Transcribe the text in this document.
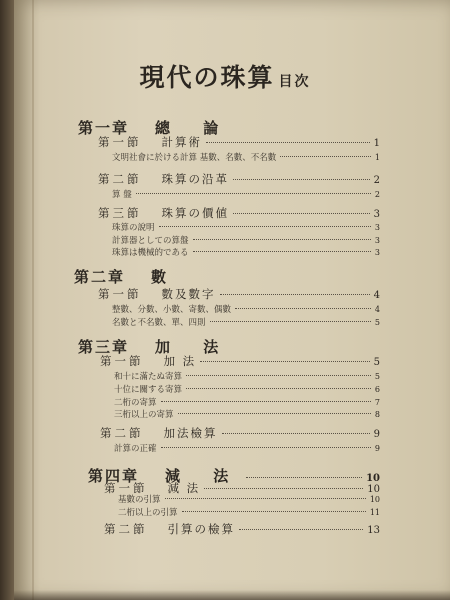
現代の珠算 目次
第一章 總 論
第一節 計算術	1
文明社會に於ける計算 基數、名數、不名數	1
第二節 珠算の沿革	2
算 盤	2
第三節 珠算の價値	3
珠算の說明	3
計算器としての算盤	3
珠算は機械的である	3
第二章 數
第一節 數及數字	4
整數、分數、小數、寄數、偶數	4
名數と不名數、單、四則	5
第三章 加 法
第一節 加 法	5
和十に滿たぬ寄算	5
十位に關する寄算	6
二桁の寄算	7
三桁以上の寄算	8
第二節 加法檢算	9
計算の正確	9
第四章 減 法	10
第一節 減 法	10
基數の引算	10
二桁以上の引算	11
第二節 引算の檢算	13
